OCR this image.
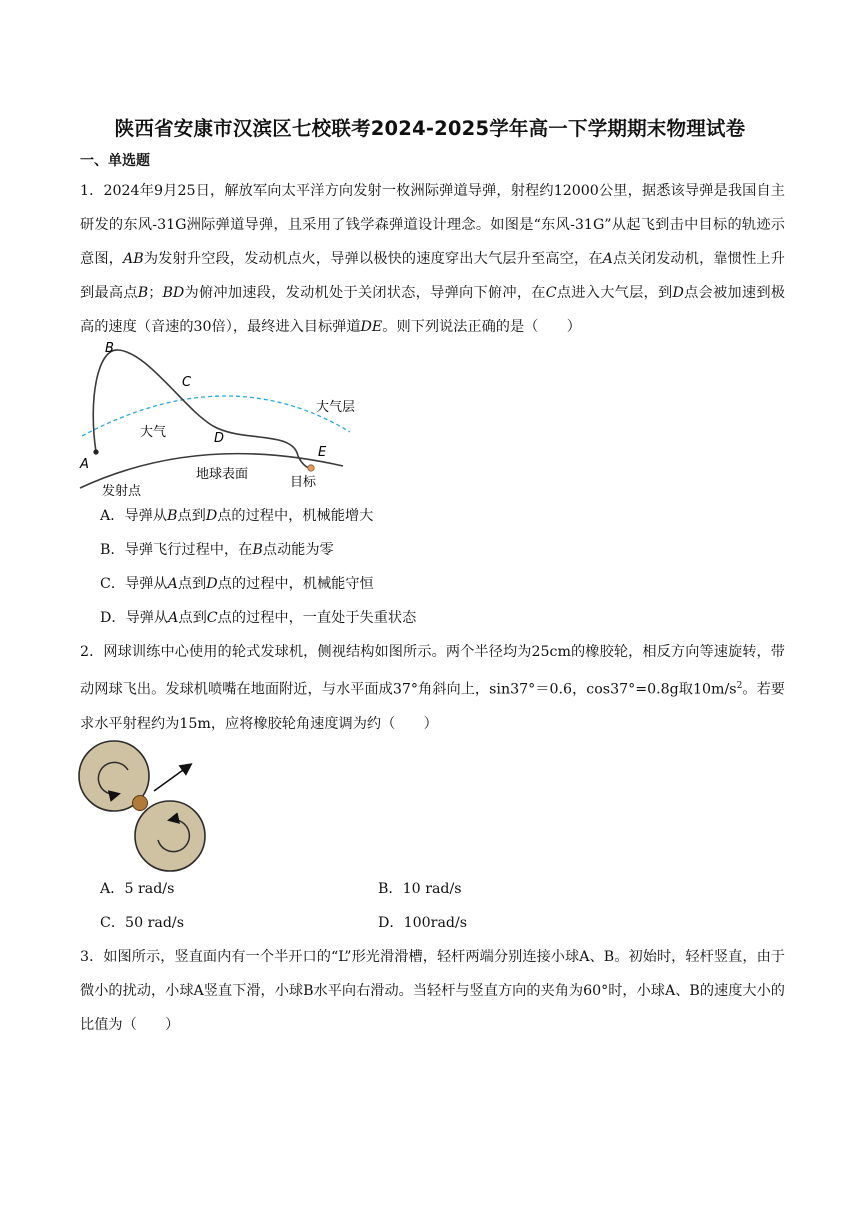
陕西省安康市汉滨区七校联考2024-2025学年高一下学期期末物理试卷
一、单选题
1．2024年9月25日，解放军向太平洋方向发射一枚洲际弹道导弹，射程约12000公里，据悉该导弹是我国自主研发的东风-31G洲际弹道导弹，且采用了钱学森弹道设计理念。如图是“东风-31G”从起飞到击中目标的轨迹示意图，AB为发射升空段，发动机点火，导弹以极快的速度穿出大气层升至高空，在A点关闭发动机，靠惯性上升到最高点B；BD为俯冲加速段，发动机处于关闭状态，导弹向下俯冲，在C点进入大气层，到D点会被加速到极高的速度（音速的30倍），最终进入目标弹道DE。则下列说法正确的是（　　）
B
C
D
E
A
大气层
大气
地球表面
目标
发射点
A．导弹从B点到D点的过程中，机械能增大
B．导弹飞行过程中，在B点动能为零
C．导弹从A点到D点的过程中，机械能守恒
D．导弹从A点到C点的过程中，一直处于失重状态
2．网球训练中心使用的轮式发球机，侧视结构如图所示。两个半径均为25cm的橡胶轮，相反方向等速旋转，带动网球飞出。发球机喷嘴在地面附近，与水平面成37°角斜向上，sin37°＝0.6，cos37°=0.8g取$10m/s^2$。若要求水平射程约为15m，应将橡胶轮角速度调为约（　　）
A．5 rad/s	B．10 rad/s
C．50 rad/s	D．100rad/s
3．如图所示，竖直面内有一个半开口的“L”形光滑滑槽，轻杆两端分别连接小球A、B。初始时，轻杆竖直，由于微小的扰动，小球A竖直下滑，小球B水平向右滑动。当轻杆与竖直方向的夹角为60°时，小球A、B的速度大小的比值为（　　）
